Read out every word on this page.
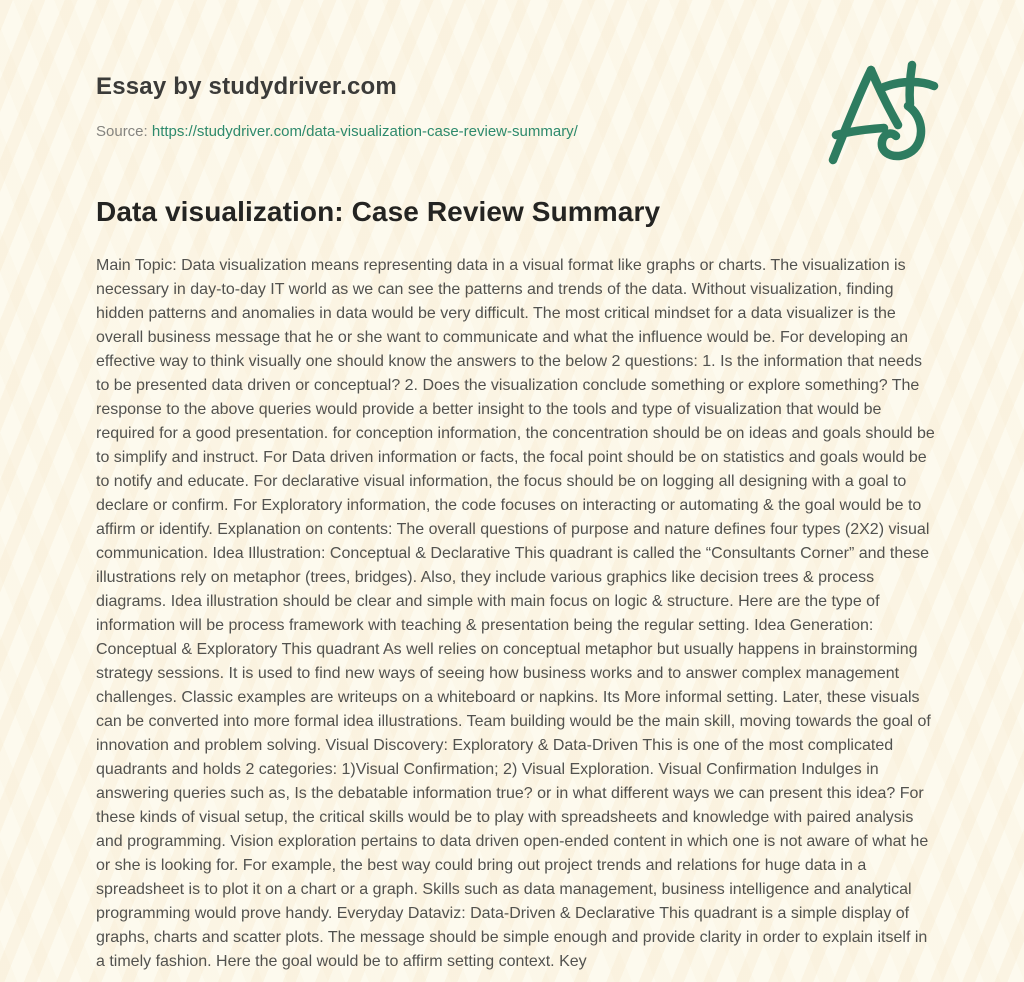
Essay by studydriver.com

Source: https://studydriver.com/data-visualization-case-review-summary/

Data visualization: Case Review Summary

Main Topic: Data visualization means representing data in a visual format like graphs or charts. The visualization is necessary in day-to-day IT world as we can see the patterns and trends of the data. Without visualization, finding hidden patterns and anomalies in data would be very difficult. The most critical mindset for a data visualizer is the overall business message that he or she want to communicate and what the influence would be. For developing an effective way to think visually one should know the answers to the below 2 questions: 1. Is the information that needs to be presented data driven or conceptual? 2. Does the visualization conclude something or explore something? The response to the above queries would provide a better insight to the tools and type of visualization that would be required for a good presentation. for conception information, the concentration should be on ideas and goals should be to simplify and instruct. For Data driven information or facts, the focal point should be on statistics and goals would be to notify and educate. For declarative visual information, the focus should be on logging all designing with a goal to declare or confirm. For Exploratory information, the code focuses on interacting or automating & the goal would be to affirm or identify. Explanation on contents: The overall questions of purpose and nature defines four types (2X2) visual communication. Idea Illustration: Conceptual & Declarative This quadrant is called the “Consultants Corner” and these illustrations rely on metaphor (trees, bridges). Also, they include various graphics like decision trees & process diagrams. Idea illustration should be clear and simple with main focus on logic & structure. Here are the type of information will be process framework with teaching & presentation being the regular setting. Idea Generation: Conceptual & Exploratory This quadrant As well relies on conceptual metaphor but usually happens in brainstorming strategy sessions. It is used to find new ways of seeing how business works and to answer complex management challenges. Classic examples are writeups on a whiteboard or napkins. Its More informal setting. Later, these visuals can be converted into more formal idea illustrations. Team building would be the main skill, moving towards the goal of innovation and problem solving. Visual Discovery: Exploratory & Data-Driven This is one of the most complicated quadrants and holds 2 categories: 1)Visual Confirmation; 2) Visual Exploration. Visual Confirmation Indulges in answering queries such as, Is the debatable information true? or in what different ways we can present this idea? For these kinds of visual setup, the critical skills would be to play with spreadsheets and knowledge with paired analysis and programming. Vision exploration pertains to data driven open-ended content in which one is not aware of what he or she is looking for. For example, the best way could bring out project trends and relations for huge data in a spreadsheet is to plot it on a chart or a graph. Skills such as data management, business intelligence and analytical programming would prove handy. Everyday Dataviz: Data-Driven & Declarative This quadrant is a simple display of graphs, charts and scatter plots. The message should be simple enough and provide clarity in order to explain itself in a timely fashion. Here the goal would be to affirm setting context. Key
